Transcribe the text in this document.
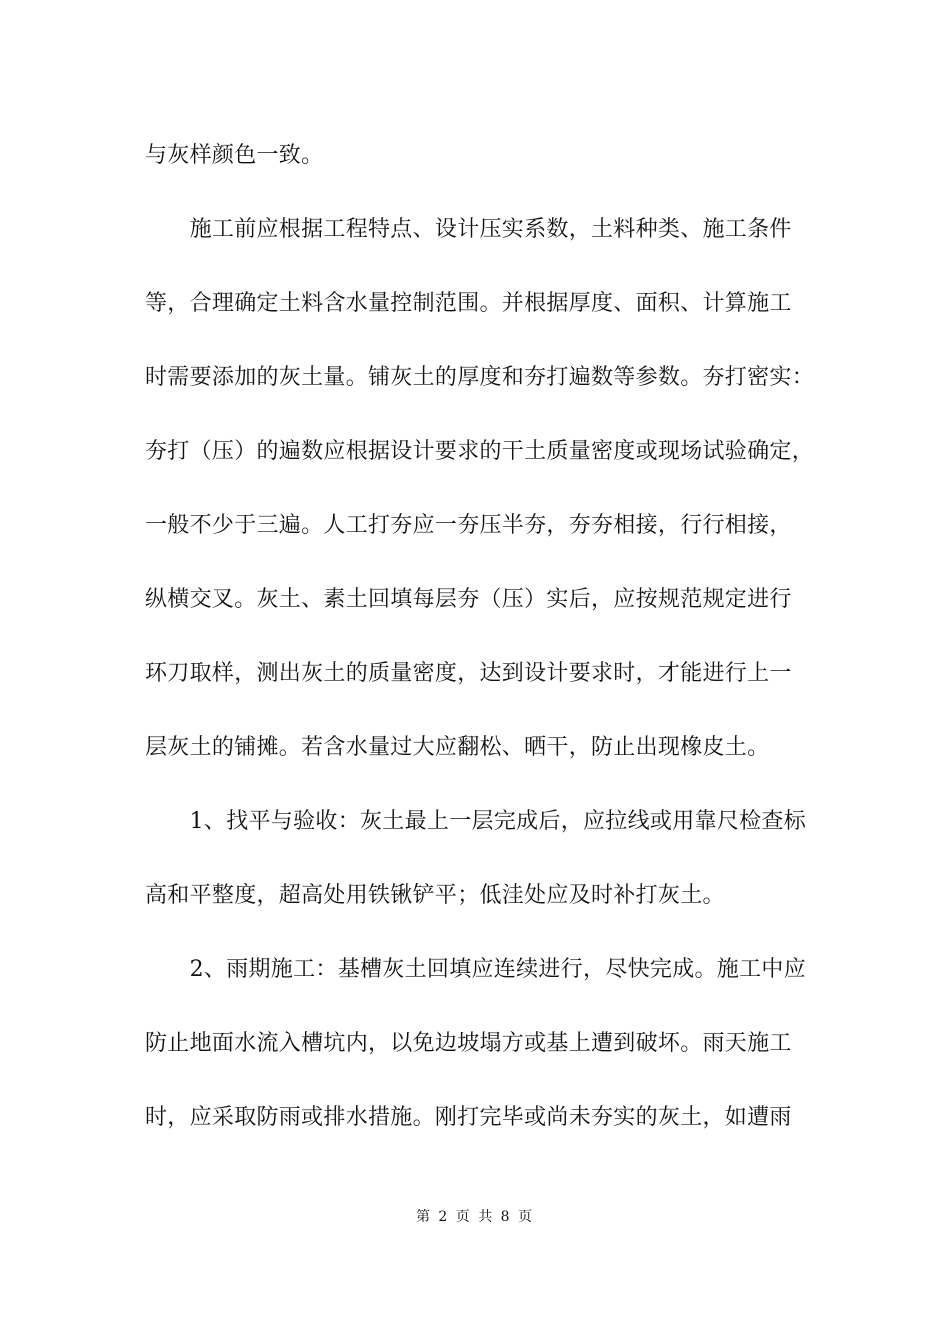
与灰样颜色一致。
　　施工前应根据工程特点、设计压实系数，土料种类、施工条件
等，合理确定土料含水量控制范围。并根据厚度、面积、计算施工
时需要添加的灰土量。铺灰土的厚度和夯打遍数等参数。夯打密实：
夯打（压）的遍数应根据设计要求的干土质量密度或现场试验确定，
一般不少于三遍。人工打夯应一夯压半夯，夯夯相接，行行相接，
纵横交叉。灰土、素土回填每层夯（压）实后，应按规范规定进行
环刀取样，测出灰土的质量密度，达到设计要求时，才能进行上一
层灰土的铺摊。若含水量过大应翻松、晒干，防止出现橡皮土。
　　1、找平与验收：灰土最上一层完成后，应拉线或用靠尺检查标
高和平整度，超高处用铁锹铲平；低洼处应及时补打灰土。
　　2、雨期施工：基槽灰土回填应连续进行，尽快完成。施工中应
防止地面水流入槽坑内，以免边坡塌方或基上遭到破坏。雨天施工
时，应采取防雨或排水措施。刚打完毕或尚未夯实的灰土，如遭雨
第 2 页 共 8 页
